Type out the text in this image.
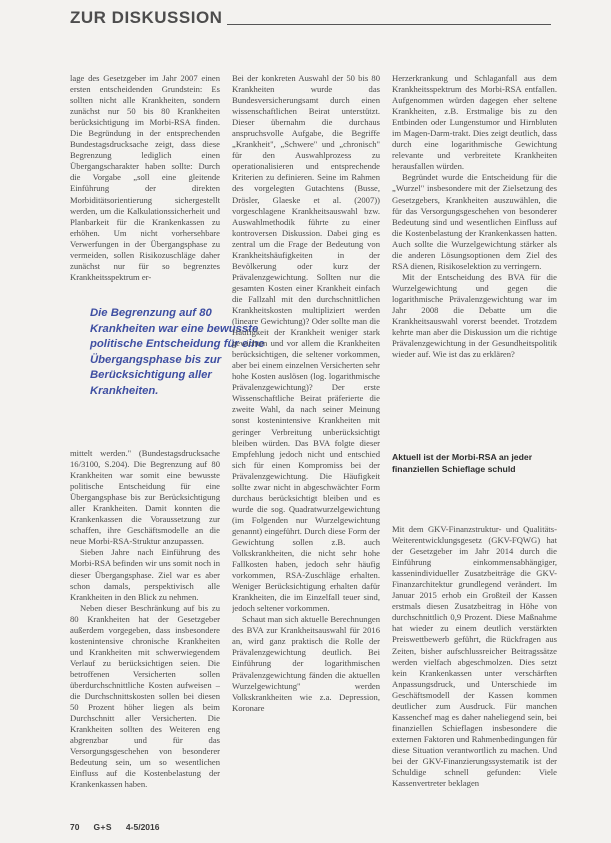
ZUR DISKUSSION

lage des Gesetzgeber im Jahr 2007 einen ersten entscheidenden Grundstein: Es sollten nicht alle Krankheiten, sondern zunächst nur 50 bis 80 Krankheiten berücksichtigung im Morbi-RSA finden. Die Begründung in der entsprechenden Bundestagsdrucksache zeigt, dass diese Begrenzung lediglich einen Übergangscharakter haben sollte: Durch die Vorgabe „soll eine gleitende Einführung der direkten Morbiditätsorientierung sichergestellt werden, um die Kalkulationssicherheit und Planbarkeit für die Krankenkassen zu erhöhen. Um nicht vorhersehbare Verwerfungen in der Übergangsphase zu vermeiden, sollen Risikozuschläge daher zunächst nur für so begrenztes Krankheitsspektrum er-

Die Begrenzung auf 80 Krankheiten war eine bewusste politische Entscheidung für eine Übergangsphase bis zur Berücksichtigung aller Krankheiten.

mittelt werden." (Bundestagsdrucksache 16/3100, S.204). Die Begrenzung auf 80 Krankheiten war somit eine bewusste politische Entscheidung für eine Übergangsphase bis zur Berücksichtigung aller Krankheiten. Damit konnten die Krankenkassen die Voraussetzung zur schaffen, ihre Geschäftsmodelle an die neue Morbi-RSA-Struktur anzupassen.

Sieben Jahre nach Einführung des Morbi-RSA befinden wir uns somit noch in dieser Übergangsphase. Ziel war es aber schon damals, perspektivisch alle Krankheiten in den Blick zu nehmen.

Neben dieser Beschränkung auf bis zu 80 Krankheiten hat der Gesetzgeber außerdem vorgegeben, dass insbesondere kostenintensive chronische Krankheiten und Krankheiten mit schwerwiegendem Verlauf zu berücksichtigen seien. Die betroffenen Versicherten sollen überdurchschnittliche Kosten aufweisen – die Durchschnittskosten sollen bei diesen 50 Prozent höher liegen als beim Durchschnitt aller Versicherten. Die Krankheiten sollten des Weiteren eng abgrenzbar und für das Versorgungsgeschehen von besonderer Bedeutung sein, um so wesentlichen Einfluss auf die Kostenbelastung der Krankenkassen haben.

Bei der konkreten Auswahl der 50 bis 80 Krankheiten wurde das Bundesversicherungsamt durch einen wissenschaftlichen Beirat unterstützt. Dieser übernahm die durchaus anspruchsvolle Aufgabe, die Begriffe „Krankheit", „Schwere" und „chronisch" für den Auswahlprozess zu operationalisieren und entsprechende Kriterien zu definieren. Seine im Rahmen des vorgelegten Gutachtens (Busse, Drösler, Glaeske et al. (2007)) vorgeschlagene Krankheitsauswahl bzw. Auswahlmethodik führte zu einer kontroversen Diskussion. Dabei ging es zentral um die Frage der Bedeutung von Krankheitshäufigkeiten in der Bevölkerung oder kurz der Prävalenzgewichtung. Sollten nur die gesamten Kosten einer Krankheit einfach die Fallzahl mit den durchschnittlichen Krankheitskosten multipliziert werden (lineare Gewichtung)? Oder sollte man die Häufigkeit der Krankheit weniger stark gewichten und vor allem die Krankheiten berücksichtigen, die seltener vorkommen, aber bei einem einzelnen Versicherten sehr hohe Kosten auslösen (log. logarithmische Prävalenzgewichtung)? Der erste Wissenschaftliche Beirat präferierte die zweite Wahl, da nach seiner Meinung sonst kostenintensive Krankheiten mit geringer Verbreitung unberücksichtigt bleiben würden. Das BVA folgte dieser Empfehlung jedoch nicht und entschied sich für einen Kompromiss bei der Prävalenzgewichtung. Die Häufigkeit sollte zwar nicht in abgeschwächter Form durchaus berücksichtigt bleiben und es wurde die sog. Quadratwurzelgewichtung (im Folgenden nur Wurzelgewichtung genannt) eingeführt. Durch diese Form der Gewichtung sollen z.B. auch Volkskrankheiten, die nicht sehr hohe Fallkosten haben, jedoch sehr häufig vorkommen, RSA-Zuschläge erhalten. Weniger Berücksichtigung erhalten dafür Krankheiten, die im Einzelfall teuer sind, jedoch seltener vorkommen.

Schaut man sich aktuelle Berechnungen des BVA zur Krankheitsauswahl für 2016 an, wird ganz praktisch die Rolle der Prävalenzgewichtung deutlich. Bei Einführung der logarithmischen Prävalenzgewichtung fänden die aktuellen Wurzelgewichtung" werden Volkskrankheiten wie z.a. Depression, Koronare

Herzerkrankung und Schlaganfall aus dem Krankheitsspektrum des Morbi-RSA entfallen. Aufgenommen würden dagegen eher seltene Krankheiten, z.B. Erstmalige bis zu den Entbinden oder Lungenstumor und Hirnbluten im Magen-Darm-trakt. Dies zeigt deutlich, dass durch eine logarithmische Gewichtung relevante und verbreitete Krankheiten herausfallen würden.

Begründet wurde die Entscheidung für die „Wurzel" insbesondere mit der Zielsetzung des Gesetzgebers, Krankheiten auszuwählen, die für das Versorgungsgeschehen von besonderer Bedeutung sind und wesentlichen Einfluss auf die Kostenbelastung der Krankenkassen hatten. Auch sollte die Wurzelgewichtung stärker als die anderen Lösungsoptionen dem Ziel des RSA dienen, Risikoselektion zu verringern.

Mit der Entscheidung des BVA für die Wurzelgewichtung und gegen die logarithmische Prävalenzgewichtung war im Jahr 2008 die Debatte um die Krankheitsauswahl vorerst beendet. Trotzdem kehrte man aber die Diskussion um die richtige Prävalenzgewichtung in der Gesundheitspolitik wieder auf. Wie ist das zu erklären?

Aktuell ist der Morbi-RSA an jeder finanziellen Schieflage schuld

Mit dem GKV-Finanzstruktur- und Qualitäts-Weiterentwicklungsgesetz (GKV-FQWG) hat der Gesetzgeber im Jahr 2014 durch die Einführung einkommensabhängiger, kassenindividueller Zusatzbeiträge die GKV-Finanzarchitektur grundlegend verändert. Im Januar 2015 erhob ein Großteil der Kassen erstmals diesen Zusatzbeitrag in Höhe von durchschnittlich 0,9 Prozent. Diese Maßnahme hat wieder zu einem deutlich verstärkten Preiswettbewerb geführt, die Rückfragen aus Zeiten, bisher aufschlussreicher Beitragssätze werden vielfach abgeschmolzen. Dies setzt kein Krankenkassen unter verschärften Anpassungsdruck, und Unterschiede im Geschäftsmodell der Kassen kommen deutlicher zum Ausdruck. Für manchen Kassenchef mag es daher naheliegend sein, bei finanziellen Schieflagen insbesondere die externen Faktoren und Rahmenbedingungen für diese Situation verantwortlich zu machen. Und bei der GKV-Finanzierungssystematik ist der Schuldige schnell gefunden: Viele Kassenvertreter beklagen

70 G+S 4-5/2016
